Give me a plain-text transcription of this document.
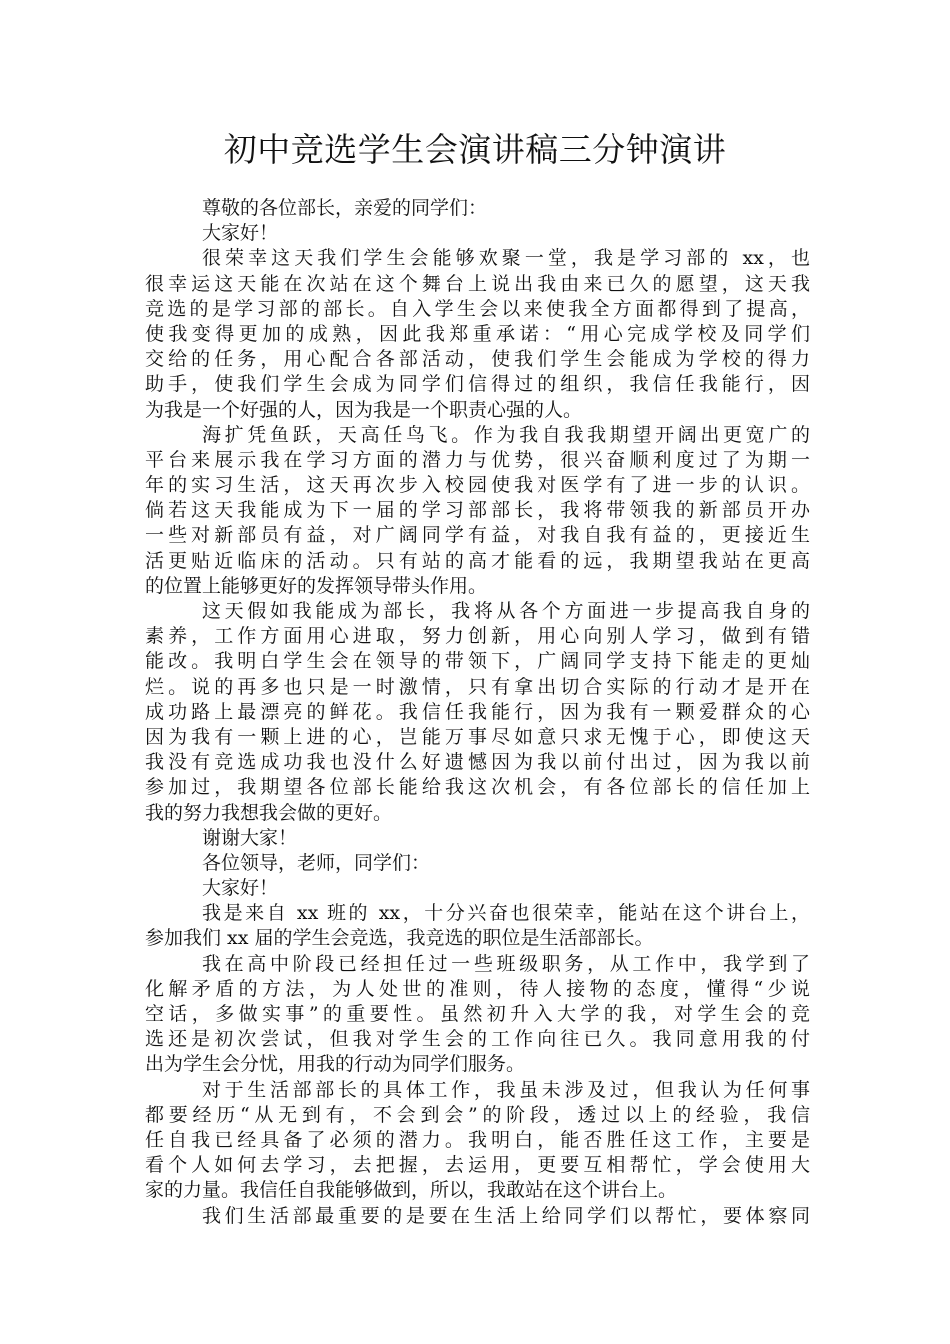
初中竞选学生会演讲稿三分钟演讲
尊敬的各位部长，亲爱的同学们：
大家好！
很荣幸这天我们学生会能够欢聚一堂，我是学习部的 xx，也
很幸运这天能在次站在这个舞台上说出我由来已久的愿望，这天我
竞选的是学习部的部长。自入学生会以来使我全方面都得到了提高，
使我变得更加的成熟，因此我郑重承诺：“用心完成学校及同学们
交给的任务，用心配合各部活动，使我们学生会能成为学校的得力
助手，使我们学生会成为同学们信得过的组织，我信任我能行，因
为我是一个好强的人，因为我是一个职责心强的人。
海扩凭鱼跃，天高任鸟飞。作为我自我我期望开阔出更宽广的
平台来展示我在学习方面的潜力与优势，很兴奋顺利度过了为期一
年的实习生活，这天再次步入校园使我对医学有了进一步的认识。
倘若这天我能成为下一届的学习部部长，我将带领我的新部员开办
一些对新部员有益，对广阔同学有益，对我自我有益的，更接近生
活更贴近临床的活动。只有站的高才能看的远，我期望我站在更高
的位置上能够更好的发挥领导带头作用。
这天假如我能成为部长，我将从各个方面进一步提高我自身的
素养，工作方面用心进取，努力创新，用心向别人学习，做到有错
能改。我明白学生会在领导的带领下，广阔同学支持下能走的更灿
烂。说的再多也只是一时激情，只有拿出切合实际的行动才是开在
成功路上最漂亮的鲜花。我信任我能行，因为我有一颗爱群众的心
因为我有一颗上进的心，岂能万事尽如意只求无愧于心，即使这天
我没有竞选成功我也没什么好遗憾因为我以前付出过，因为我以前
参加过，我期望各位部长能给我这次机会，有各位部长的信任加上
我的努力我想我会做的更好。
谢谢大家！
各位领导，老师，同学们：
大家好！
我是来自 xx 班的 xx，十分兴奋也很荣幸，能站在这个讲台上，
参加我们 xx 届的学生会竞选，我竞选的职位是生活部部长。
我在高中阶段已经担任过一些班级职务，从工作中，我学到了
化解矛盾的方法，为人处世的准则，待人接物的态度，懂得“少说
空话，多做实事”的重要性。虽然初升入大学的我，对学生会的竞
选还是初次尝试，但我对学生会的工作向往已久。我同意用我的付
出为学生会分忧，用我的行动为同学们服务。
对于生活部部长的具体工作，我虽未涉及过，但我认为任何事
都要经历“从无到有，不会到会”的阶段，透过以上的经验，我信
任自我已经具备了必须的潜力。我明白，能否胜任这工作，主要是
看个人如何去学习，去把握，去运用，更要互相帮忙，学会使用大
家的力量。我信任自我能够做到，所以，我敢站在这个讲台上。
我们生活部最重要的是要在生活上给同学们以帮忙，要体察同
